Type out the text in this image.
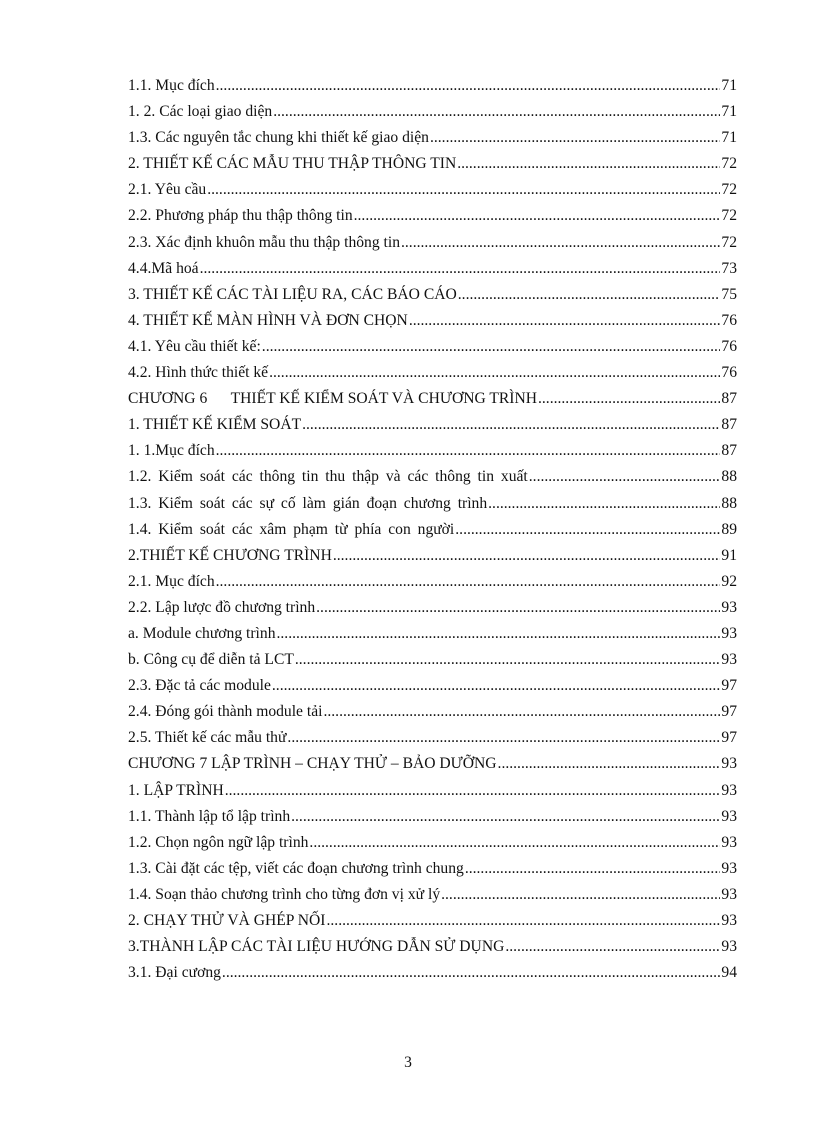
1.1. Mục đích .....	71
1. 2. Các loại giao diện .....	71
1.3. Các nguyên tắc chung khi thiết kế giao diện .....	71
2. THIẾT KẾ CÁC MẪU THU THẬP THÔNG TIN .....	72
2.1. Yêu cầu .....	72
2.2. Phương pháp thu thập thông tin .....	72
2.3. Xác định khuôn mẫu thu thập thông tin .....	72
4.4.Mã hoá .....	73
3. THIẾT KẾ CÁC TÀI LIỆU RA, CÁC BÁO CÁO .....	75
4. THIẾT KẾ MÀN HÌNH VÀ ĐƠN CHỌN .....	76
4.1. Yêu cầu thiết kế: .....	76
4.2. Hình thức thiết kế .....	76
CHƯƠNG 6      THIẾT KẾ KIỂM SOÁT VÀ CHƯƠNG TRÌNH .....	87
1. THIẾT KẾ KIỂM SOÁT .....	87
1. 1.Mục đích .....	87
1.2. Kiểm soát các thông tin thu thập và các thông tin xuất .....	88
1.3. Kiểm soát các sự cố làm gián đoạn chương trình .....	88
1.4. Kiểm soát các xâm phạm từ phía con người .....	89
2.THIẾT KẾ CHƯƠNG TRÌNH .....	91
2.1. Mục đích .....	92
2.2. Lập lược đồ chương trình .....	93
a. Module chương trình .....	93
b. Công cụ để diễn tả LCT .....	93
2.3. Đặc tả các module .....	97
2.4. Đóng gói thành module tải .....	97
2.5. Thiết kế các mẫu thử .....	97
CHƯƠNG 7 LẬP TRÌNH – CHẠY THỬ – BẢO DƯỠNG .....	93
1. LẬP TRÌNH .....	93
1.1. Thành lập tổ lập trình .....	93
1.2. Chọn ngôn ngữ lập trình .....	93
1.3. Cài đặt các tệp, viết các đoạn chương trình chung .....	93
1.4. Soạn thảo chương trình cho từng đơn vị xử lý .....	93
2. CHẠY THỬ VÀ GHÉP NỐI .....	93
3.THÀNH LẬP CÁC TÀI LIỆU HƯỚNG DẪN SỬ DỤNG .....	93
3.1. Đại cương .....	94
3
